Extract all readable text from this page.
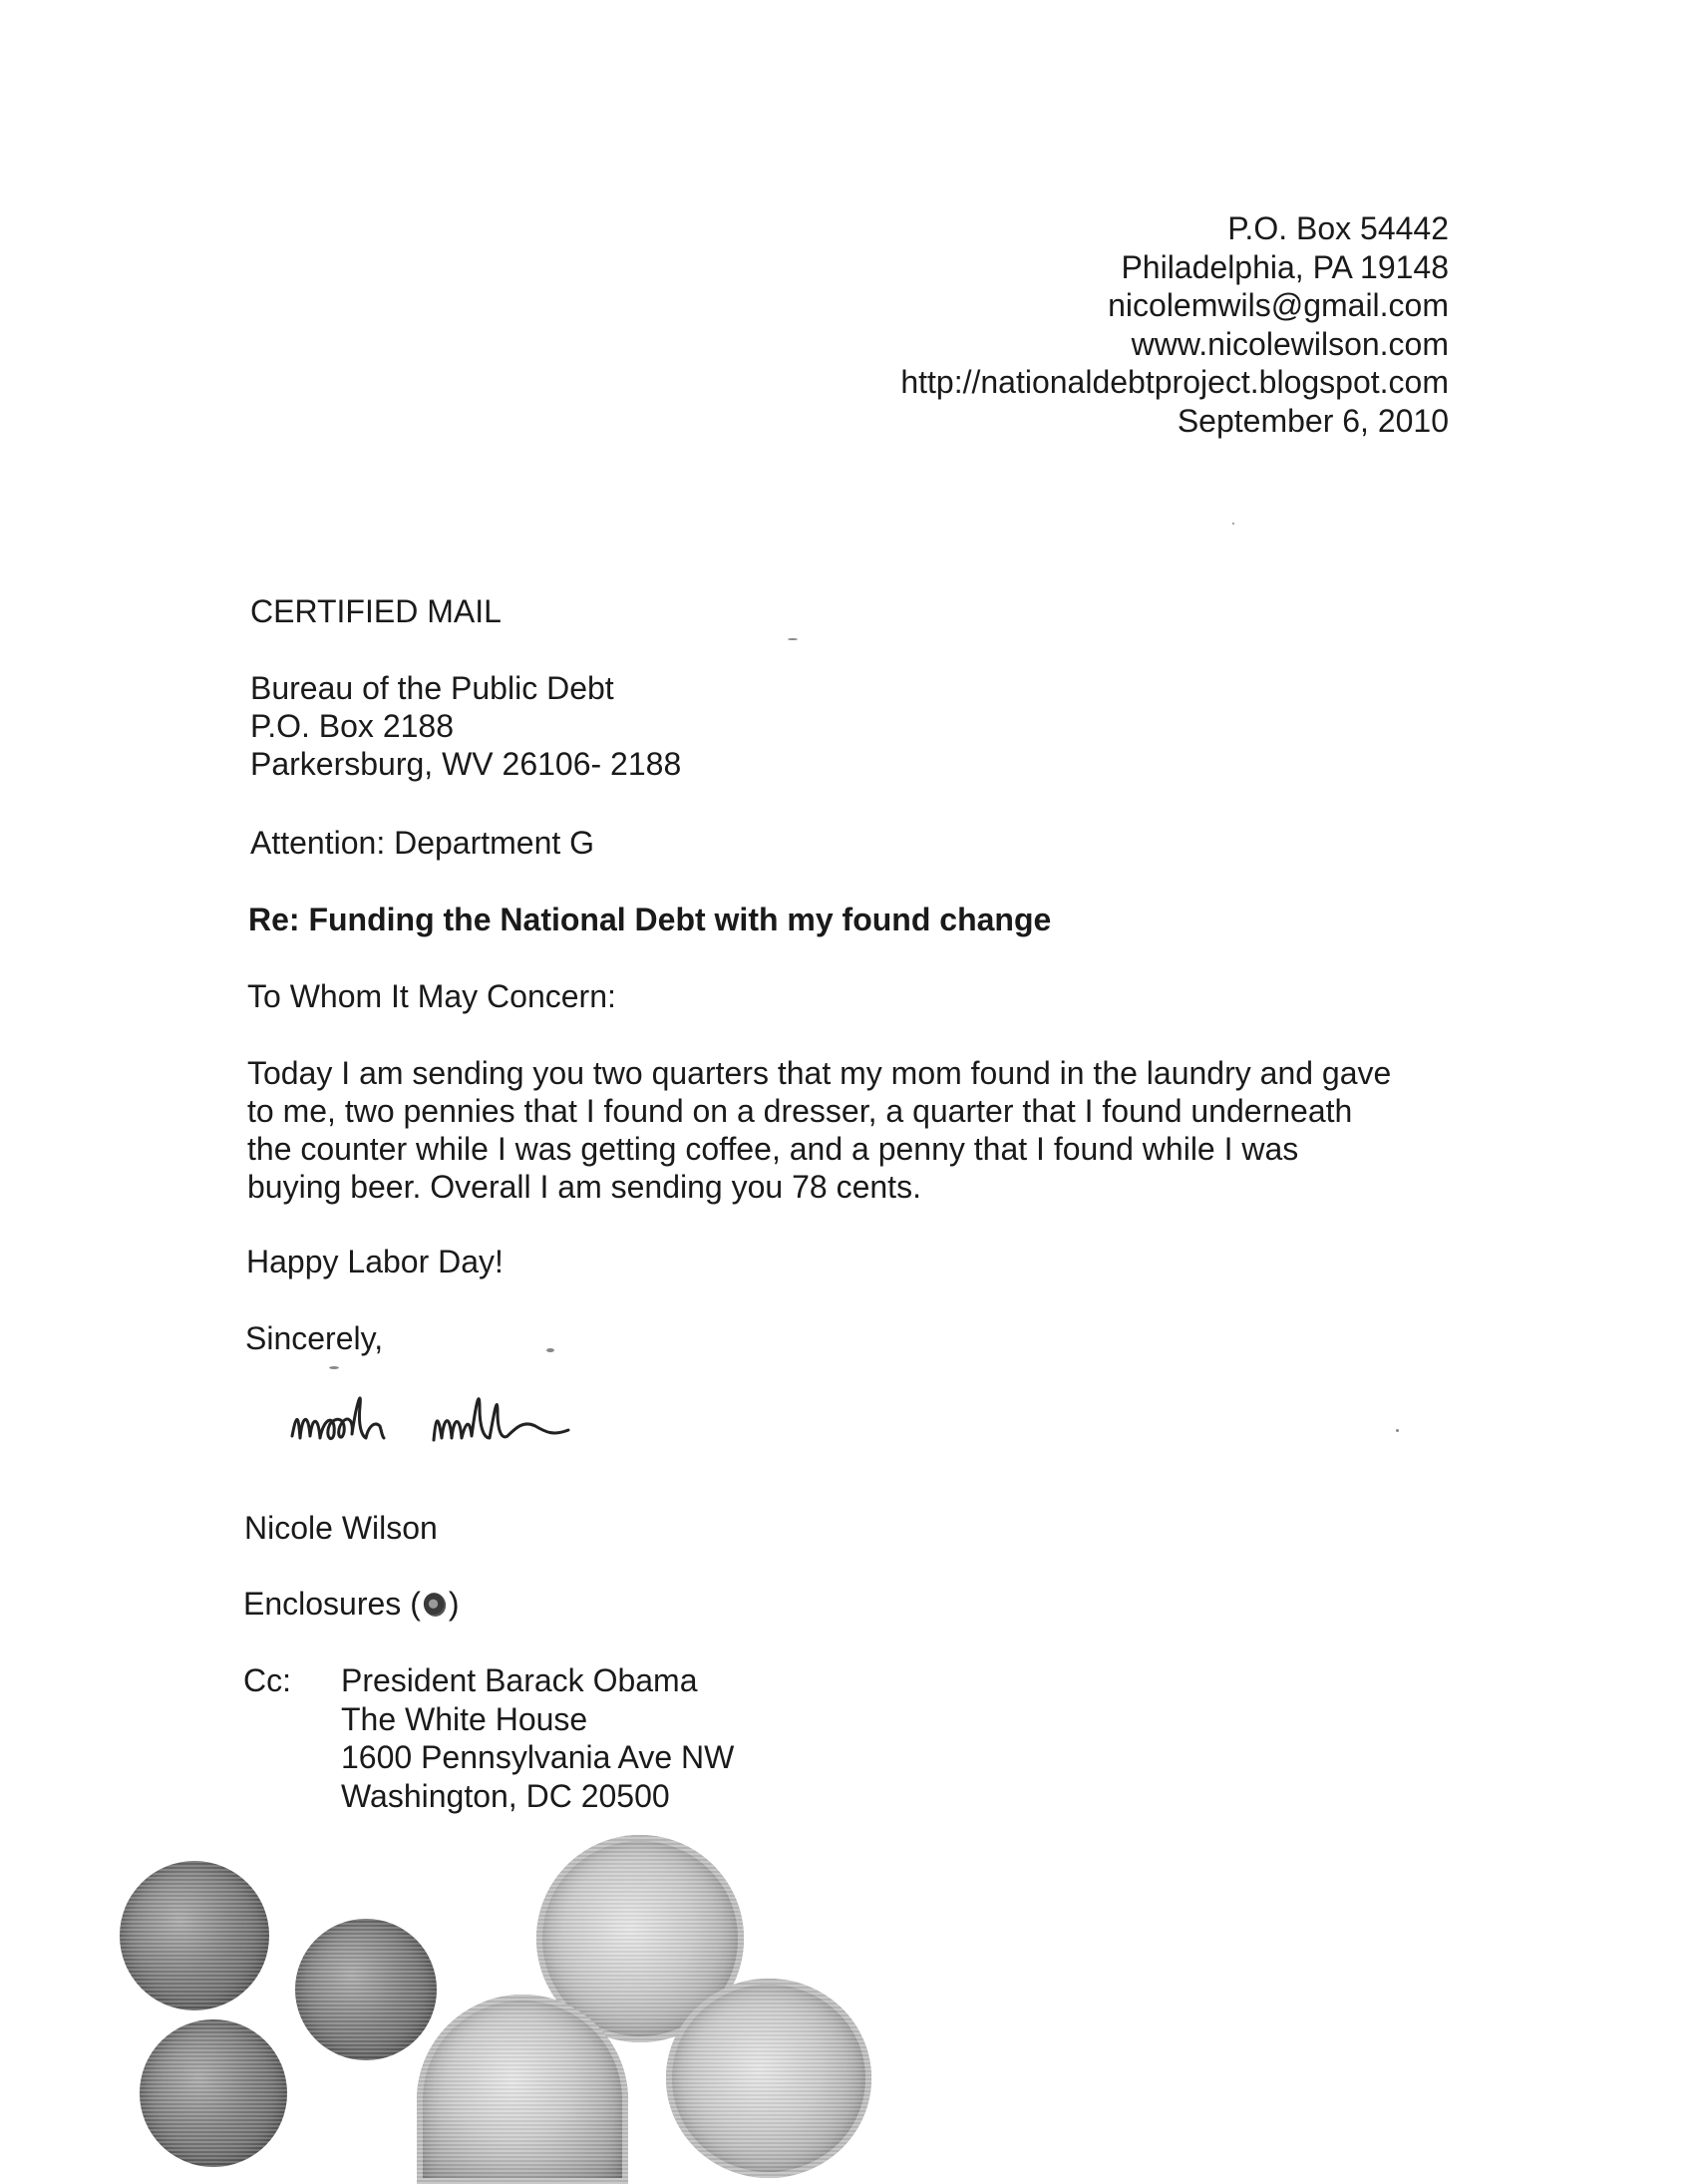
P.O. Box 54442
Philadelphia, PA 19148
nicolemwils@gmail.com
www.nicolewilson.com
http://nationaldebtproject.blogspot.com
September 6, 2010
CERTIFIED MAIL
Bureau of the Public Debt
P.O. Box 2188
Parkersburg, WV 26106- 2188
Attention: Department G
Re: Funding the National Debt with my found change
To Whom It May Concern:
Today I am sending you two quarters that my mom found in the laundry and gave
to me, two pennies that I found on a dresser, a quarter that I found underneath
the counter while I was getting coffee, and a penny that I found while I was
buying beer. Overall I am sending you 78 cents.
Happy Labor Day!
Sincerely,
Nicole Wilson
Enclosures ( )
Cc: President Barack Obama
The White House
1600 Pennsylvania Ave NW
Washington, DC 20500
